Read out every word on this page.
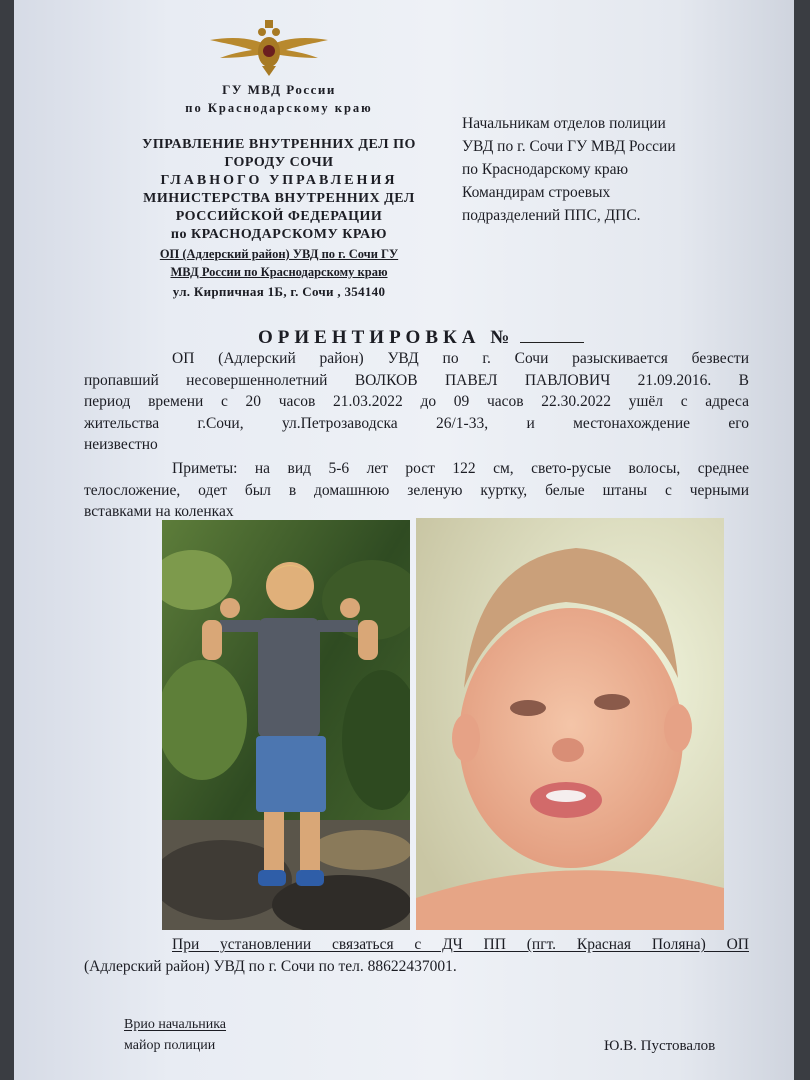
ГУ МВД России
по Краснодарскому краю
УПРАВЛЕНИЕ ВНУТРЕННИХ ДЕЛ ПО
ГОРОДУ СОЧИ
ГЛАВНОГО УПРАВЛЕНИЯ
МИНИСТЕРСТВА ВНУТРЕННИХ ДЕЛ
РОССИЙСКОЙ ФЕДЕРАЦИИ
по КРАСНОДАРСКОМУ КРАЮ
ОП (Адлерский район) УВД по г. Сочи ГУ
МВД России по Краснодарскому краю
ул. Кирпичная 1Б, г. Сочи , 354140
Начальникам отделов полиции
УВД по г. Сочи ГУ МВД России
по Краснодарскому краю
Командирам строевых
подразделений ППС, ДПС.
ОРИЕНТИРОВКА №
ОП (Адлерский район) УВД по г. Сочи разыскивается безвести
пропавший несовершеннолетний ВОЛКОВ ПАВЕЛ ПАВЛОВИЧ 21.09.2016. В
период времени с 20 часов 21.03.2022 до 09 часов 22.30.2022 ушёл с адреса
жительства г.Сочи, ул.Петрозаводска 26/1-33, и местонахождение его
неизвестно
Приметы: на вид 5-6 лет рост 122 см, свето-русые волосы, среднее
телосложение, одет был в домашнюю зеленую куртку, белые штаны с черными
вставками на коленках
При установлении связаться с ДЧ ПП (пгт. Красная Поляна) ОП
(Адлерский район) УВД по г. Сочи по тел. 88622437001.
Врио начальника
майор полиции	Ю.В. Пустовалов
